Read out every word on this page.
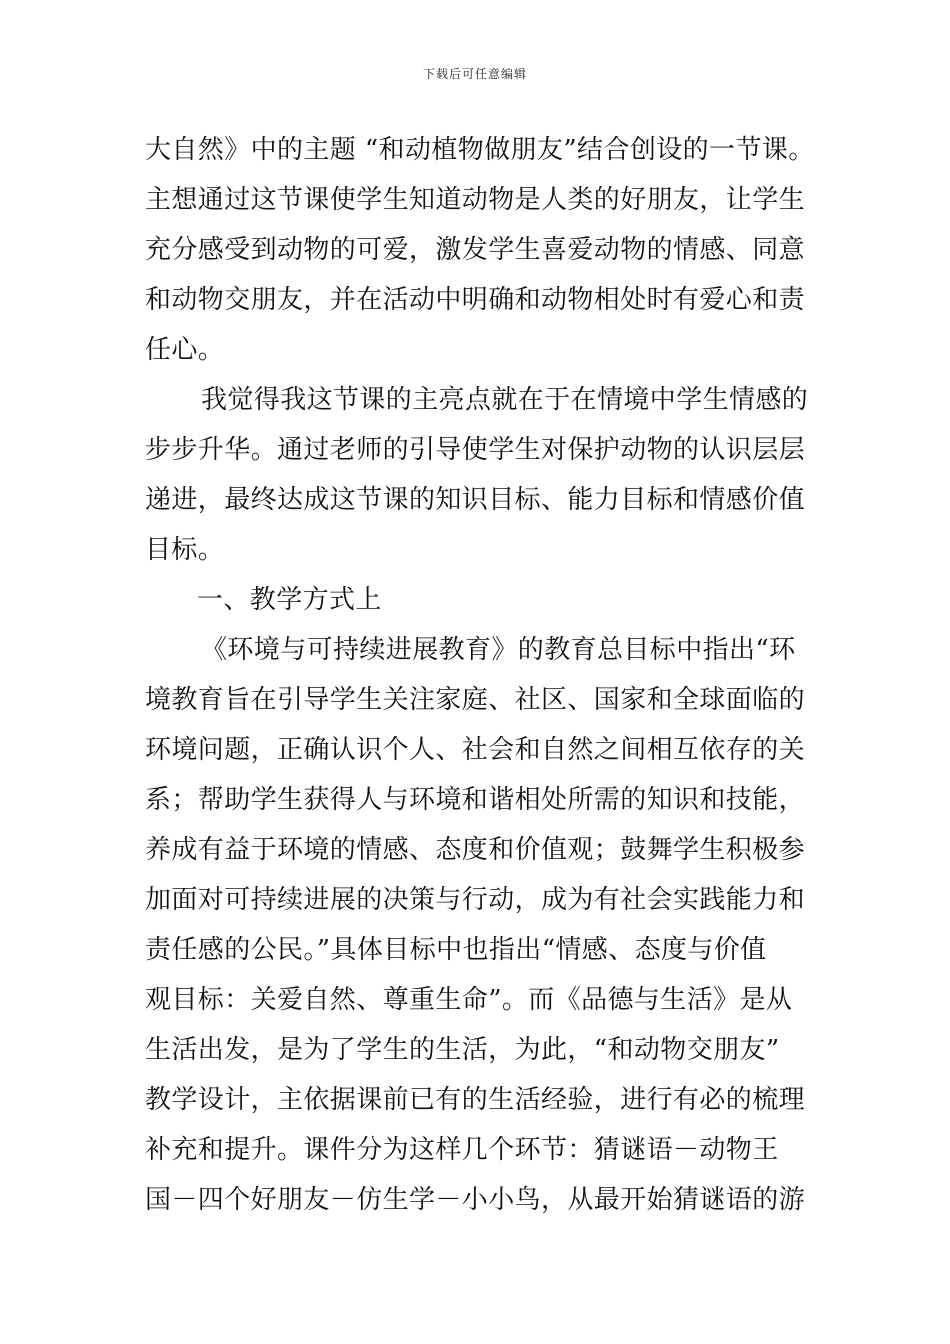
下载后可任意编辑
大自然》中的主题 “和动植物做朋友”结合创设的一节课。
主想通过这节课使学生知道动物是人类的好朋友，让学生
充分感受到动物的可爱，激发学生喜爱动物的情感、同意
和动物交朋友，并在活动中明确和动物相处时有爱心和责
任心。
我觉得我这节课的主亮点就在于在情境中学生情感的
步步升华。通过老师的引导使学生对保护动物的认识层层
递进，最终达成这节课的知识目标、能力目标和情感价值
目标。
一、教学方式上
《环境与可持续进展教育》的教育总目标中指出“环
境教育旨在引导学生关注家庭、社区、国家和全球面临的
环境问题，正确认识个人、社会和自然之间相互依存的关
系；帮助学生获得人与环境和谐相处所需的知识和技能，
养成有益于环境的情感、态度和价值观；鼓舞学生积极参
加面对可持续进展的决策与行动，成为有社会实践能力和
责任感的公民。”具体目标中也指出“情感、态度与价值
观目标：关爱自然、尊重生命”。而《品德与生活》是从
生活出发，是为了学生的生活，为此，“和动物交朋友”
教学设计，主依据课前已有的生活经验，进行有必的梳理
补充和提升。课件分为这样几个环节：猜谜语－动物王
国－四个好朋友－仿生学－小小鸟，从最开始猜谜语的游
